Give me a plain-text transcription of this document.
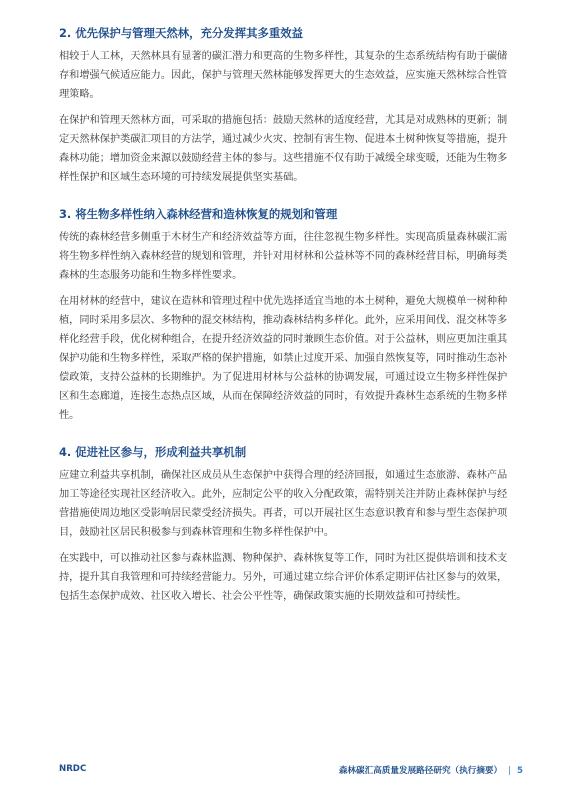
2. 优先保护与管理天然林，充分发挥其多重效益

相较于人工林，天然林具有显著的碳汇潜力和更高的生物多样性，其复杂的生态系统结构有助于碳储存和增强气候适应能力。因此，保护与管理天然林能够发挥更大的生态效益，应实施天然林综合性管理策略。

在保护和管理天然林方面，可采取的措施包括：鼓励天然林的适度经营，尤其是对成熟林的更新；制定天然林保护类碳汇项目的方法学，通过减少火灾、控制有害生物、促进本土树种恢复等措施，提升森林功能；增加资金来源以鼓励经营主体的参与。这些措施不仅有助于减缓全球变暖，还能为生物多样性保护和区域生态环境的可持续发展提供坚实基础。

3. 将生物多样性纳入森林经营和造林恢复的规划和管理

传统的森林经营多侧重于木材生产和经济效益等方面，往往忽视生物多样性。实现高质量森林碳汇需将生物多样性纳入森林经营的规划和管理，并针对用材林和公益林等不同的森林经营目标，明确每类森林的生态服务功能和生物多样性要求。

在用材林的经营中，建议在造林和管理过程中优先选择适宜当地的本土树种，避免大规模单一树种种植，同时采用多层次、多物种的混交林结构，推动森林结构多样化。此外，应采用间伐、混交林等多样化经营手段，优化树种组合，在提升经济效益的同时兼顾生态价值。对于公益林，则应更加注重其保护功能和生物多样性，采取严格的保护措施，如禁止过度开采、加强自然恢复等，同时推动生态补偿政策，支持公益林的长期维护。为了促进用材林与公益林的协调发展，可通过设立生物多样性保护区和生态廊道，连接生态热点区域，从而在保障经济效益的同时，有效提升森林生态系统的生物多样性。

4. 促进社区参与，形成利益共享机制

应建立利益共享机制，确保社区成员从生态保护中获得合理的经济回报，如通过生态旅游、森林产品加工等途径实现社区经济收入。此外，应制定公平的收入分配政策，需特别关注并防止森林保护与经营措施使周边地区受影响居民蒙受经济损失。再者，可以开展社区生态意识教育和参与型生态保护项目，鼓励社区居民积极参与到森林管理和生物多样性保护中。

在实践中，可以推动社区参与森林监测、物种保护、森林恢复等工作，同时为社区提供培训和技术支持，提升其自我管理和可持续经营能力。另外，可通过建立综合评价体系定期评估社区参与的效果，包括生态保护成效、社区收入增长、社会公平性等，确保政策实施的长期效益和可持续性。

NRDC	森林碳汇高质量发展路径研究（执行摘要） | 5
